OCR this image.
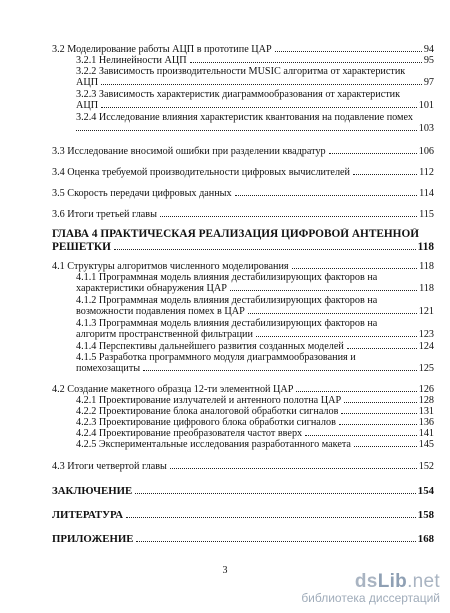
3.2 Моделирование работы АЦП в прототипе ЦАР	94
3.2.1 Нелинейности АЦП	95
3.2.2 Зависимость производительности MUSIC алгоритма от характеристик
АЦП	97
3.2.3 Зависимость характеристик диаграммообразования от характеристик
АЦП	101
3.2.4 Исследование влияния характеристик квантования на подавление помех
103
3.3 Исследование вносимой ошибки при разделении квадратур	106
3.4 Оценка требуемой производительности цифровых вычислителей	112
3.5 Скорость передачи цифровых данных	114
3.6 Итоги третьей главы	115
ГЛАВА 4 ПРАКТИЧЕСКАЯ РЕАЛИЗАЦИЯ ЦИФРОВОЙ АНТЕННОЙ
РЕШЕТКИ	118
4.1 Структуры алгоритмов численного моделирования	118
4.1.1 Программная модель влияния дестабилизирующих факторов на
характеристики обнаружения ЦАР	118
4.1.2 Программная модель влияния дестабилизирующих факторов на
возможности подавления помех в ЦАР	121
4.1.3 Программная модель влияния дестабилизирующих факторов на
алгоритм пространственной фильтрации	123
4.1.4 Перспективы дальнейшего развития созданных моделей	124
4.1.5 Разработка программного модуля диаграммообразования и
помехозащиты	125
4.2 Создание макетного образца 12-ти элементной ЦАР	126
4.2.1 Проектирование излучателей и антенного полотна ЦАР	128
4.2.2 Проектирование блока аналоговой обработки сигналов	131
4.2.3 Проектирование цифрового блока обработки сигналов	136
4.2.4 Проектирование преобразователя частот вверх	141
4.2.5 Экспериментальные исследования разработанного макета	145
4.3 Итоги четвертой главы	152
ЗАКЛЮЧЕНИЕ	154
ЛИТЕРАТУРА	158
ПРИЛОЖЕНИЕ	168
3
dsLib.net
библиотека диссертаций
